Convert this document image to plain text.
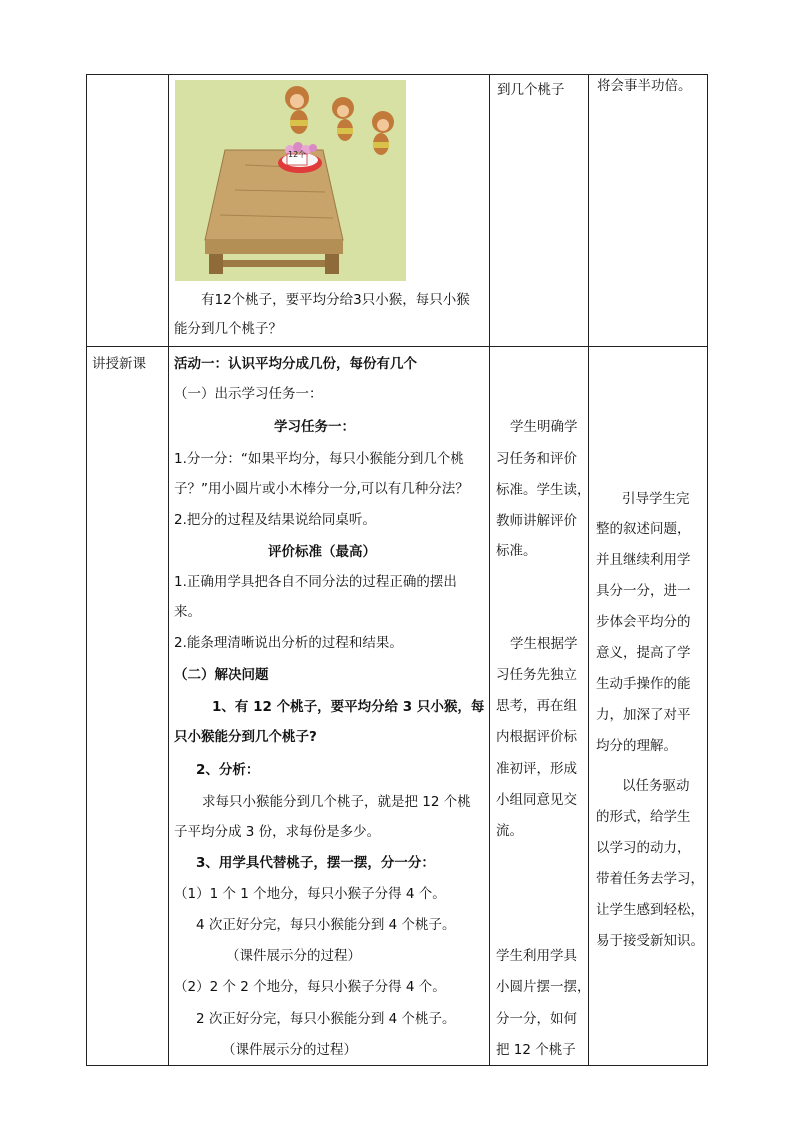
12个
到几个桃子 将会事半功倍。
有12个桃子，要平均分给3只小猴，每只小猴
能分到几个桃子？
讲授新课 活动一：认识平均分成几份，每份有几个
（一）出示学习任务一：
学习任务一：
1.分一分：“如果平均分，每只小猴能分到几个桃
子？”用小圆片或小木棒分一分,可以有几种分法？
2.把分的过程及结果说给同桌听。
评价标准（最高）
1.正确用学具把各自不同分法的过程正确的摆出
来。
2.能条理清晰说出分析的过程和结果。
（二）解决问题
1、有 12 个桃子，要平均分给 3 只小猴，每
只小猴能分到几个桃子?
2、分析：
求每只小猴能分到几个桃子，就是把 12 个桃
子平均分成 3 份，求每份是多少。
3、用学具代替桃子，摆一摆，分一分：
（1）1 个 1 个地分，每只小猴子分得 4 个。
4 次正好分完，每只小猴能分到 4 个桃子。
（课件展示分的过程）
（2）2 个 2 个地分，每只小猴子分得 4 个。
2 次正好分完，每只小猴能分到 4 个桃子。
（课件展示分的过程）
学生明确学
习任务和评价
标准。学生读，
教师讲解评价
标准。
学生根据学
习任务先独立
思考，再在组
内根据评价标
准初评，形成
小组同意见交
流。
学生利用学具
小圆片摆一摆，
分一分，如何
把 12 个桃子
引导学生完
整的叙述问题，
并且继续利用学
具分一分，进一
步体会平均分的
意义，提高了学
生动手操作的能
力，加深了对平
均分的理解。
以任务驱动
的形式，给学生
以学习的动力，
带着任务去学习，
让学生感到轻松，
易于接受新知识。
